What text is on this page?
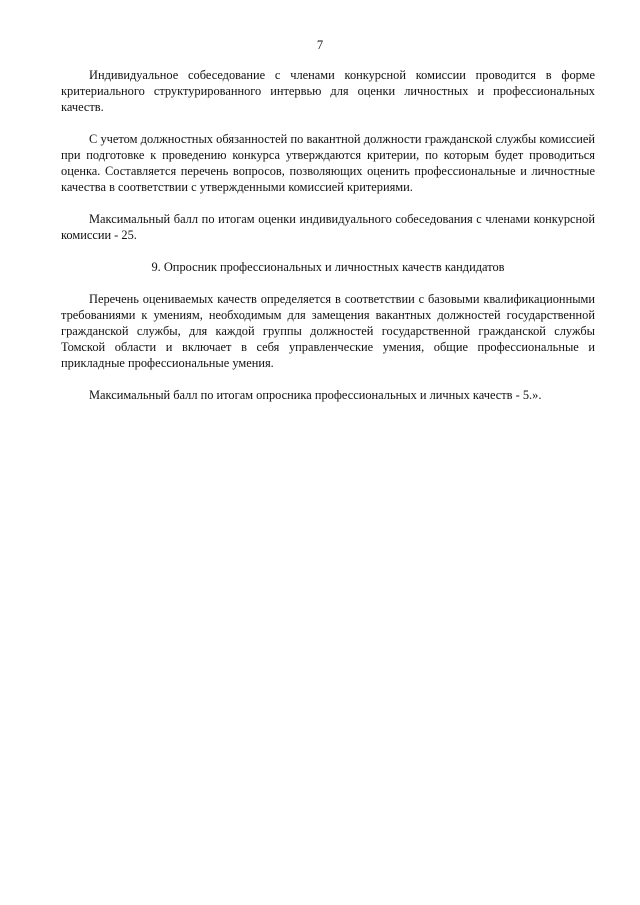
7

Индивидуальное собеседование с членами конкурсной комиссии проводится в форме критериального структурированного интервью для оценки личностных и профессиональных качеств.

С учетом должностных обязанностей по вакантной должности гражданской службы комиссией при подготовке к проведению конкурса утверждаются критерии, по которым будет проводиться оценка. Составляется перечень вопросов, позволяющих оценить профессиональные и личностные качества в соответствии с утвержденными комиссией критериями.

Максимальный балл по итогам оценки индивидуального собеседования с членами конкурсной комиссии - 25.

9. Опросник профессиональных и личностных качеств кандидатов

Перечень оцениваемых качеств определяется в соответствии с базовыми квалификационными требованиями к умениям, необходимым для замещения вакантных должностей государственной гражданской службы, для каждой группы должностей государственной гражданской службы Томской области и включает в себя управленческие умения, общие профессиональные и прикладные профессиональные умения.

Максимальный балл по итогам опросника профессиональных и личных качеств - 5.».
